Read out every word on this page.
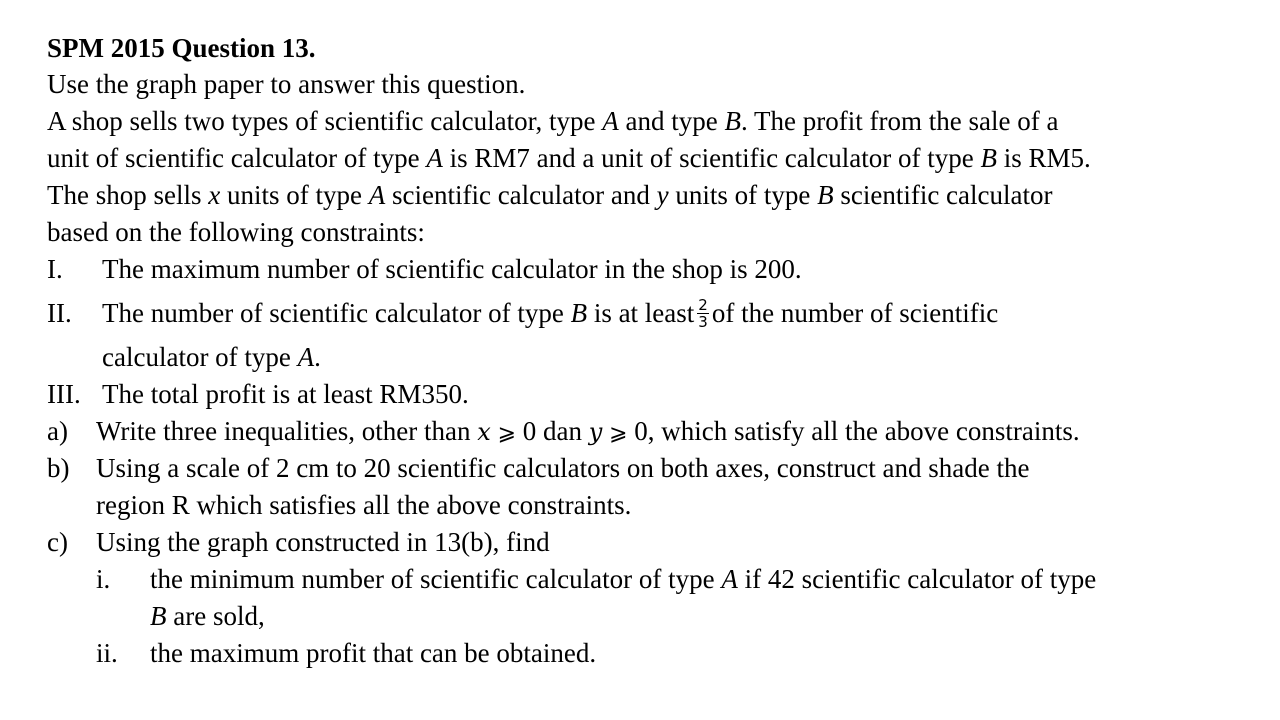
SPM 2015 Question 13.
Use the graph paper to answer this question.
A shop sells two types of scientific calculator, type A and type B. The profit from the sale of a
unit of scientific calculator of type A is RM7 and a unit of scientific calculator of type B is RM5.
The shop sells x units of type A scientific calculator and y units of type B scientific calculator
based on the following constraints:
I. The maximum number of scientific calculator in the shop is 200.
II. The number of scientific calculator of type B is at least $\frac{2}{3}$ of the number of scientific
calculator of type A.
III. The total profit is at least RM350.
a) Write three inequalities, other than x ⩾ 0 dan y ⩾ 0, which satisfy all the above constraints.
b) Using a scale of 2 cm to 20 scientific calculators on both axes, construct and shade the
region R which satisfies all the above constraints.
c) Using the graph constructed in 13(b), find
i. the minimum number of scientific calculator of type A if 42 scientific calculator of type
B are sold,
ii. the maximum profit that can be obtained.
